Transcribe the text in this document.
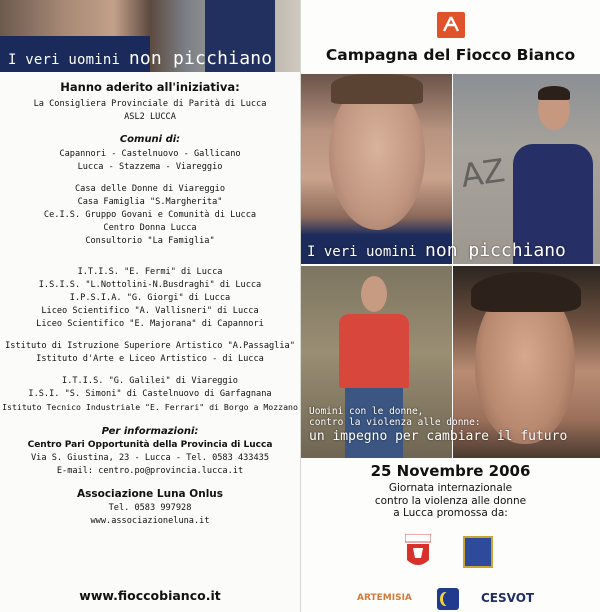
I veri uomini non picchiano

Hanno aderito all'iniziativa:

La Consigliera Provinciale di Parità di Lucca

ASL2 LUCCA

Comuni di:

Capannori - Castelnuovo - Gallicano

Lucca - Stazzema - Viareggio

Casa delle Donne di Viareggio

Casa Famiglia "S.Margherita"

Ce.I.S. Gruppo Govani e Comunità di Lucca

Centro Donna Lucca

Consultorio "La Famiglia"

I.T.I.S. "E. Fermi" di Lucca

I.S.I.S. "L.Nottolini-N.Busdraghi" di Lucca

I.P.S.I.A. "G. Giorgi" di Lucca

Liceo Scientifico "A. Vallisneri" di Lucca

Liceo Scientifico "E. Majorana" di Capannori

Istituto di Istruzione Superiore Artistico "A.Passaglia"

Istituto d'Arte e Liceo Artistico - di Lucca

I.T.I.S. "G. Galilei" di Viareggio

I.S.I. "S. Simoni" di Castelnuovo di Garfagnana

Istituto Tecnico Industriale "E. Ferrari" di Borgo a Mozzano

Per informazioni:

Centro Pari Opportunità della Provincia di Lucca

Via S. Giustina, 23 - Lucca - Tel. 0583 433435

E-mail: centro.po@provincia.lucca.it

Associazione Luna Onlus

Tel. 0583 997928

www.associazioneluna.it

www.fioccobianco.it
Campagna del Fiocco Bianco
AZ
I veri uomini non picchiano
Uomini con le donne,
contro la violenza alle donne:
un impegno per cambiare il futuro
25 Novembre 2006
Giornata internazionale
contro la violenza alle donne
a Lucca promossa da:
ARTEMISIA	CESVOT
